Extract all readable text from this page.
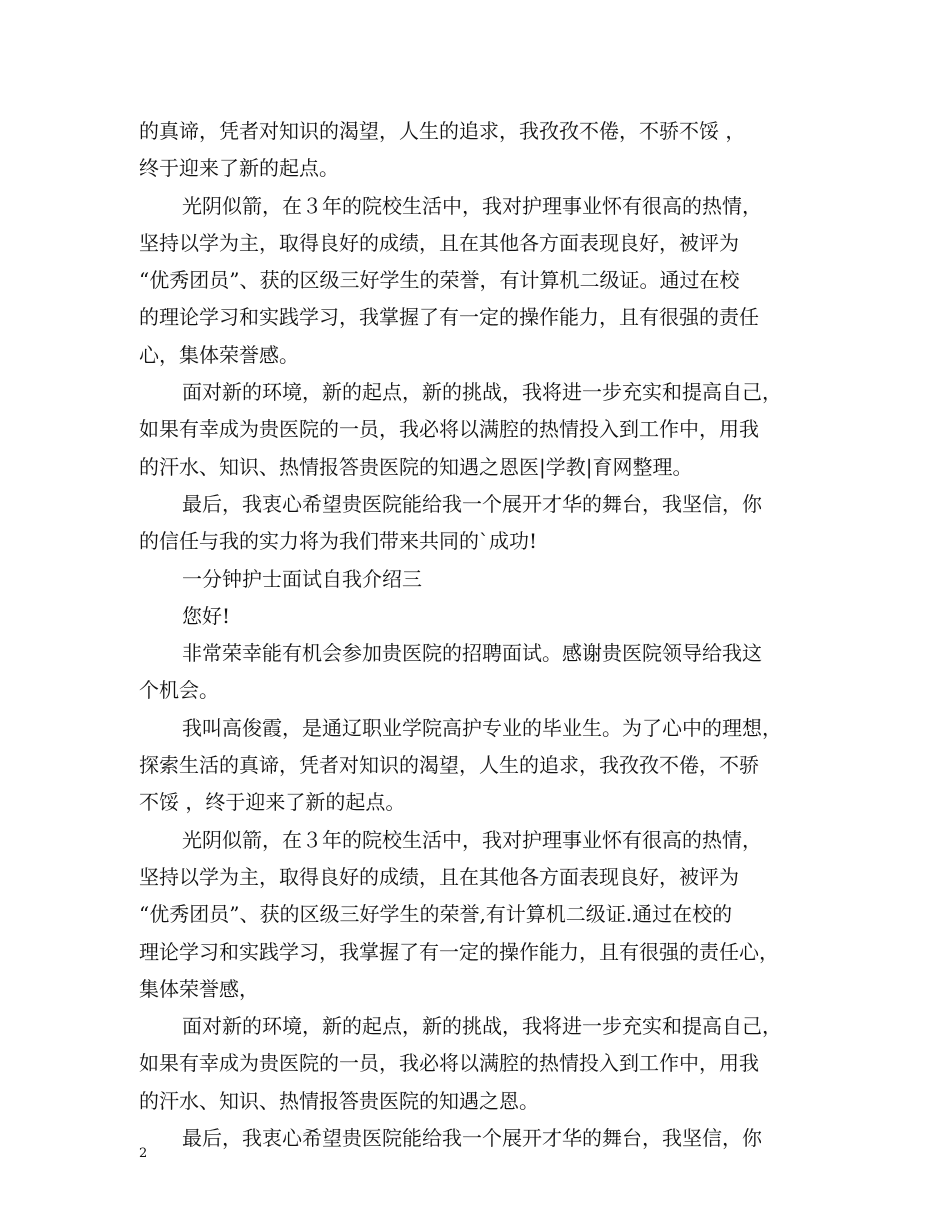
的真谛，凭者对知识的渴望，人生的追求，我孜孜不倦，不骄不馁 ，
终于迎来了新的起点。
光阴似箭，在３年的院校生活中，我对护理事业怀有很高的热情，
坚持以学为主，取得良好的成绩，且在其他各方面表现良好，被评为
“优秀团员”、获的区级三好学生的荣誉，有计算机二级证。通过在校
的理论学习和实践学习，我掌握了有一定的操作能力，且有很强的责任
心，集体荣誉感。
面对新的环境，新的起点，新的挑战，我将进一步充实和提高自己，
如果有幸成为贵医院的一员，我必将以满腔的热情投入到工作中，用我
的汗水、知识、热情报答贵医院的知遇之恩医|学教|育网整理。
最后，我衷心希望贵医院能给我一个展开才华的舞台，我坚信，你
的信任与我的实力将为我们带来共同的`成功!
一分钟护士面试自我介绍三
您好!
非常荣幸能有机会参加贵医院的招聘面试。感谢贵医院领导给我这
个机会。
我叫高俊霞，是通辽职业学院高护专业的毕业生。为了心中的理想，
探索生活的真谛，凭者对知识的渴望，人生的追求，我孜孜不倦，不骄
不馁 ，终于迎来了新的起点。
光阴似箭，在３年的院校生活中，我对护理事业怀有很高的热情，
坚持以学为主，取得良好的成绩，且在其他各方面表现良好，被评为
“优秀团员”、获的区级三好学生的荣誉,有计算机二级证.通过在校的
理论学习和实践学习，我掌握了有一定的操作能力，且有很强的责任心，
集体荣誉感，
面对新的环境，新的起点，新的挑战，我将进一步充实和提高自己，
如果有幸成为贵医院的一员，我必将以满腔的热情投入到工作中，用我
的汗水、知识、热情报答贵医院的知遇之恩。
最后，我衷心希望贵医院能给我一个展开才华的舞台，我坚信，你
2
